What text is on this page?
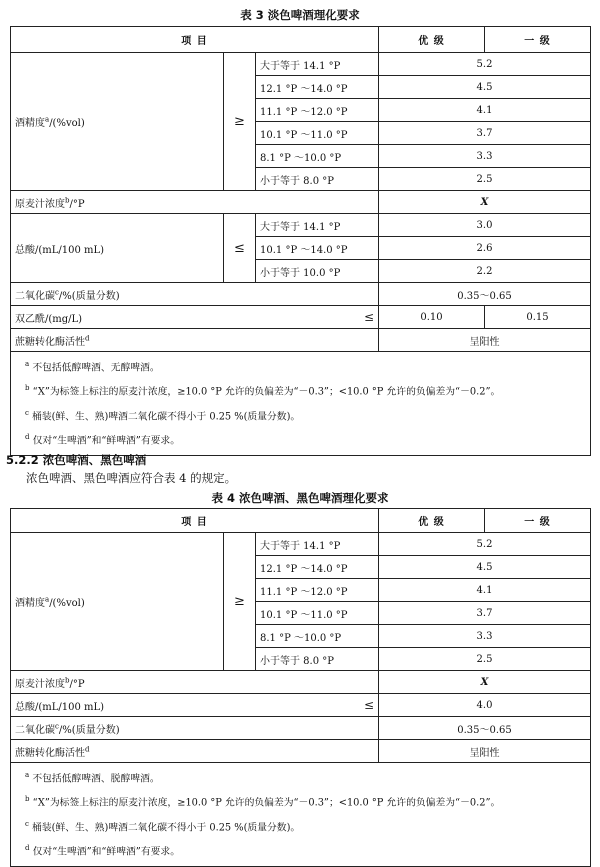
表 3 淡色啤酒理化要求
项 目			优 级	一 级
酒精度$^a$/(%vol)	≥	大于等于 14.1 °P	5.2	
		12.1 °P ～14.0 °P	4.5	
		11.1 °P ～12.0 °P	4.1	
		10.1 °P ～11.0 °P	3.7	
		8.1 °P ～10.0 °P	3.3	
		小于等于 8.0 °P	2.5	
原麦汁浓度$^b$/°P			X	
总酸/(mL/100 mL)	≤	大于等于 14.1 °P	3.0	
		10.1 °P ～14.0 °P	2.6	
		小于等于 10.0 °P	2.2	
二氧化碳$^c$/%(质量分数)			0.35～0.65	
双乙酰/(mg/L) ≤			0.10	0.15
蔗糖转化酶活性$^d$			呈阳性	

$^a$ 不包括低醇啤酒、无醇啤酒。
$^b$ “X”为标签上标注的原麦汁浓度，≥10.0 °P 允许的负偏差为“－0.3”；<10.0 °P 允许的负偏差为“－0.2”。
$^c$ 桶装(鲜、生、熟)啤酒二氧化碳不得小于 0.25 %(质量分数)。
$^d$ 仅对“生啤酒”和“鲜啤酒”有要求。				
5.2.2 浓色啤酒、黑色啤酒
浓色啤酒、黑色啤酒应符合表 4 的规定。
表 4 浓色啤酒、黑色啤酒理化要求
项 目			优 级	一 级
酒精度$^a$/(%vol)	≥	大于等于 14.1 °P	5.2	
		12.1 °P ～14.0 °P	4.5	
		11.1 °P ～12.0 °P	4.1	
		10.1 °P ～11.0 °P	3.7	
		8.1 °P ～10.0 °P	3.3	
		小于等于 8.0 °P	2.5	
原麦汁浓度$^b$/°P			X	
总酸/(mL/100 mL) ≤			4.0	
二氧化碳$^c$/%(质量分数)			0.35～0.65	
蔗糖转化酶活性$^d$			呈阳性	

$^a$ 不包括低醇啤酒、脱醇啤酒。
$^b$ “X”为标签上标注的原麦汁浓度，≥10.0 °P 允许的负偏差为“－0.3”；<10.0 °P 允许的负偏差为“－0.2”。
$^c$ 桶装(鲜、生、熟)啤酒二氧化碳不得小于 0.25 %(质量分数)。
$^d$ 仅对“生啤酒”和“鲜啤酒”有要求。				
